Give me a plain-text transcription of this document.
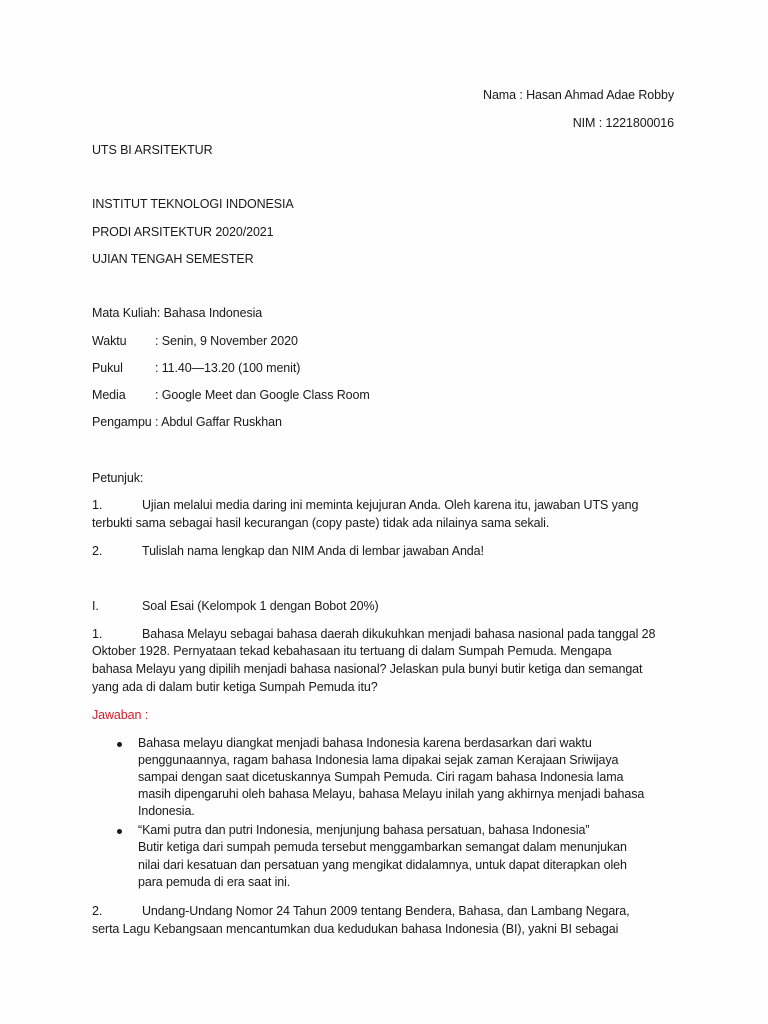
Nama : Hasan Ahmad Adae Robby
NIM : 1221800016
UTS BI ARSITEKTUR
INSTITUT TEKNOLOGI INDONESIA
PRODI ARSITEKTUR 2020/2021
UJIAN TENGAH SEMESTER
Mata Kuliah: Bahasa Indonesia
Waktu : Senin, 9 November 2020
Pukul	: 11.40—13.20 (100 menit)
Media : Google Meet dan Google Class Room
Pengampu : Abdul Gaffar Ruskhan
Petunjuk:
1.	Ujian melalui media daring ini meminta kejujuran Anda. Oleh karena itu, jawaban UTS yang
terbukti sama sebagai hasil kecurangan (copy paste) tidak ada nilainya sama sekali.
2.	Tulislah nama lengkap dan NIM Anda di lembar jawaban Anda!
I.	Soal Esai (Kelompok 1 dengan Bobot 20%)
1.	Bahasa Melayu sebagai bahasa daerah dikukuhkan menjadi bahasa nasional pada tanggal 28
Oktober 1928. Pernyataan tekad kebahasaan itu tertuang di dalam Sumpah Pemuda. Mengapa
bahasa Melayu yang dipilih menjadi bahasa nasional? Jelaskan pula bunyi butir ketiga dan semangat
yang ada di dalam butir ketiga Sumpah Pemuda itu?
Jawaban :
Bahasa melayu diangkat menjadi bahasa Indonesia karena berdasarkan dari waktu
penggunaannya, ragam bahasa Indonesia lama dipakai sejak zaman Kerajaan Sriwijaya
sampai dengan saat dicetuskannya Sumpah Pemuda. Ciri ragam bahasa Indonesia lama
masih dipengaruhi oleh bahasa Melayu, bahasa Melayu inilah yang akhirnya menjadi bahasa
Indonesia.
“Kami putra dan putri Indonesia, menjunjung bahasa persatuan, bahasa Indonesia”
Butir ketiga dari sumpah pemuda tersebut menggambarkan semangat dalam menunjukan
nilai dari kesatuan dan persatuan yang mengikat didalamnya, untuk dapat diterapkan oleh
para pemuda di era saat ini.
2.	Undang-Undang Nomor 24 Tahun 2009 tentang Bendera, Bahasa, dan Lambang Negara,
serta Lagu Kebangsaan mencantumkan dua kedudukan bahasa Indonesia (BI), yakni BI sebagai
